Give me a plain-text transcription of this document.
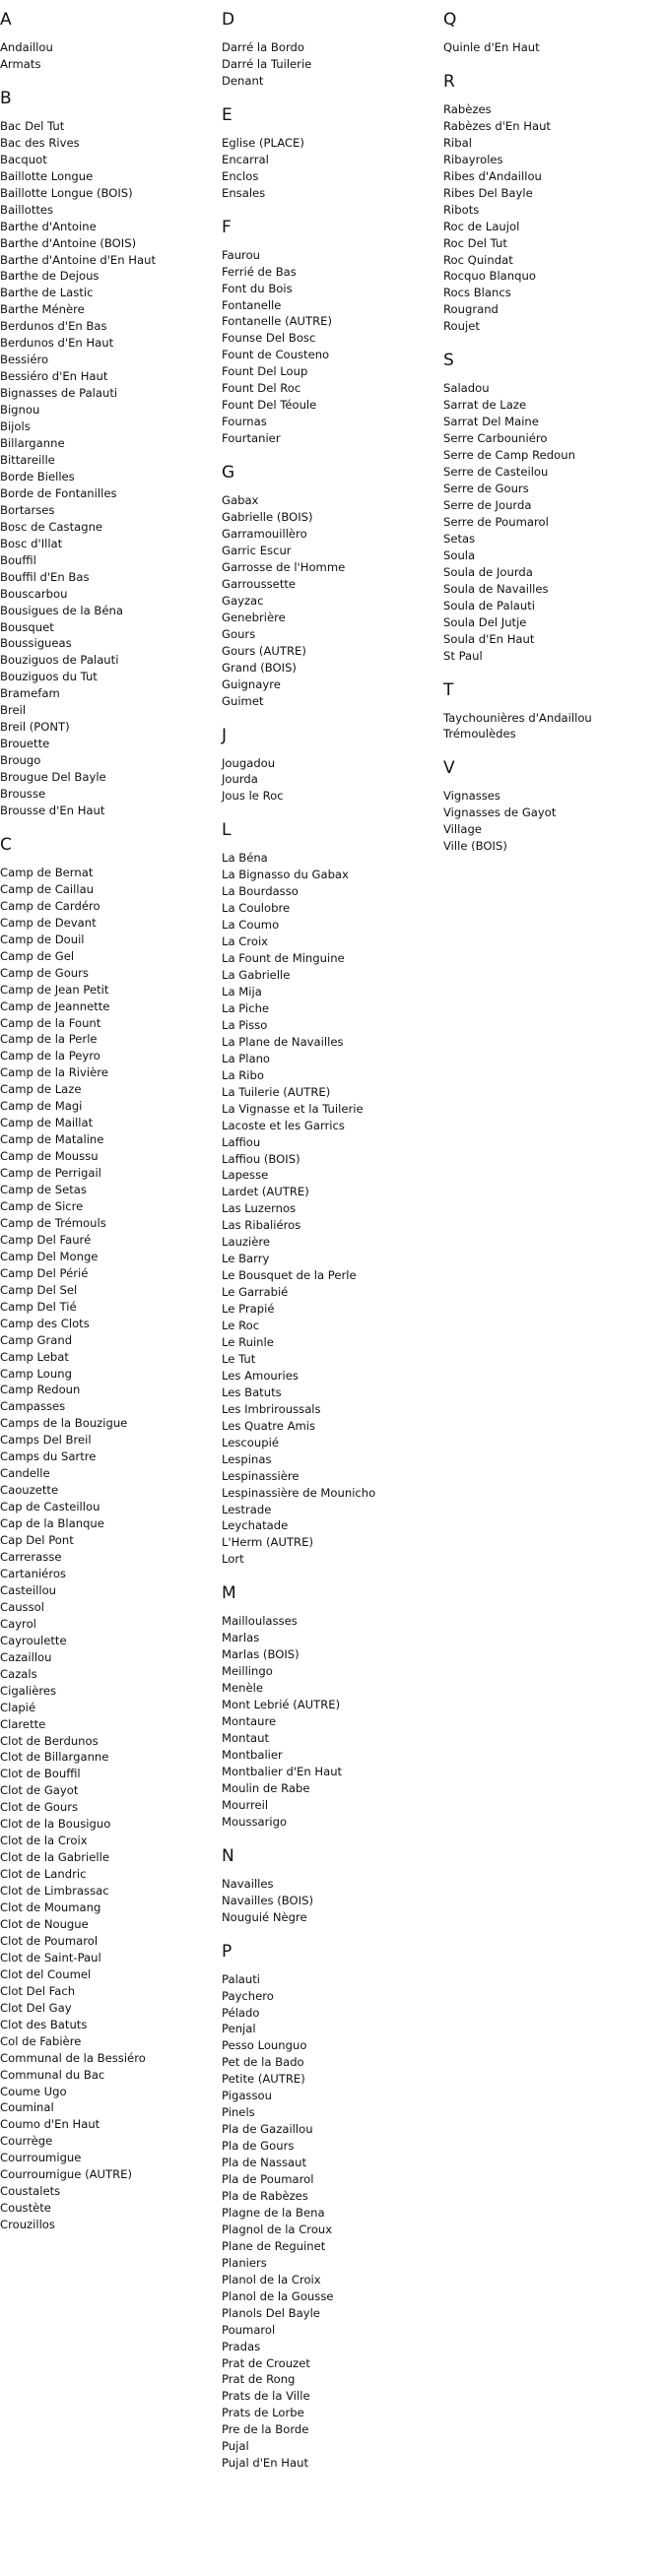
A
Andaillou
Armats
B
Bac Del Tut
Bac des Rives
Bacquot
Baillotte Longue
Baillotte Longue (BOIS)
Baillottes
Barthe d'Antoine
Barthe d'Antoine (BOIS)
Barthe d'Antoine d'En Haut
Barthe de Dejous
Barthe de Lastic
Barthe Ménère
Berdunos d'En Bas
Berdunos d'En Haut
Bessiéro
Bessiéro d'En Haut
Bignasses de Palauti
Bignou
Bijols
Billarganne
Bittareille
Borde Bielles
Borde de Fontanilles
Bortarses
Bosc de Castagne
Bosc d'Illat
Bouffil
Bouffil d'En Bas
Bouscarbou
Bousigues de la Béna
Bousquet
Boussigueas
Bouziguos de Palauti
Bouziguos du Tut
Bramefam
Breil
Breil (PONT)
Brouette
Brougo
Brougue Del Bayle
Brousse
Brousse d'En Haut
C
Camp de Bernat
Camp de Caillau
Camp de Cardéro
Camp de Devant
Camp de Douil
Camp de Gel
Camp de Gours
Camp de Jean Petit
Camp de Jeannette
Camp de la Fount
Camp de la Perle
Camp de la Peyro
Camp de la Rivière
Camp de Laze
Camp de Magi
Camp de Maillat
Camp de Mataline
Camp de Moussu
Camp de Perrigail
Camp de Setas
Camp de Sicre
Camp de Trémouls
Camp Del Fauré
Camp Del Monge
Camp Del Périé
Camp Del Sel
Camp Del Tié
Camp des Clots
Camp Grand
Camp Lebat
Camp Loung
Camp Redoun
Campasses
Camps de la Bouzigue
Camps Del Breil
Camps du Sartre
Candelle
Caouzette
Cap de Casteillou
Cap de la Blanque
Cap Del Pont
Carrerasse
Cartaniéros
Casteillou
Caussol
Cayrol
Cayroulette
Cazaillou
Cazals
Cigalières
Clapié
Clarette
Clot de Berdunos
Clot de Billarganne
Clot de Bouffil
Clot de Gayot
Clot de Gours
Clot de la Bousiguo
Clot de la Croix
Clot de la Gabrielle
Clot de Landric
Clot de Limbrassac
Clot de Moumang
Clot de Nougue
Clot de Poumarol
Clot de Saint-Paul
Clot del Coumel
Clot Del Fach
Clot Del Gay
Clot des Batuts
Col de Fabière
Communal de la Bessiéro
Communal du Bac
Coume Ugo
Couminal
Coumo d'En Haut
Courrège
Courroumigue
Courroumigue (AUTRE)
Coustalets
Coustète
Crouzillos
D
Darré la Bordo
Darré la Tuilerie
Denant
E
Eglise (PLACE)
Encarral
Enclos
Ensales
F
Faurou
Ferrié de Bas
Font du Bois
Fontanelle
Fontanelle (AUTRE)
Founse Del Bosc
Fount de Cousteno
Fount Del Loup
Fount Del Roc
Fount Del Téoule
Fournas
Fourtanier
G
Gabax
Gabrielle (BOIS)
Garramouillèro
Garric Escur
Garrosse de l'Homme
Garroussette
Gayzac
Genebrière
Gours
Gours (AUTRE)
Grand (BOIS)
Guignayre
Guimet
J
Jougadou
Jourda
Jous le Roc
L
La Béna
La Bignasso du Gabax
La Bourdasso
La Coulobre
La Coumo
La Croix
La Fount de Minguine
La Gabrielle
La Mija
La Piche
La Pisso
La Plane de Navailles
La Plano
La Ribo
La Tuilerie (AUTRE)
La Vignasse et la Tuilerie
Lacoste et les Garrics
Laffiou
Laffiou (BOIS)
Lapesse
Lardet (AUTRE)
Las Luzernos
Las Ribaliéros
Lauzière
Le Barry
Le Bousquet de la Perle
Le Garrabié
Le Prapié
Le Roc
Le Ruinle
Le Tut
Les Amouries
Les Batuts
Les Imbriroussals
Les Quatre Amis
Lescoupié
Lespinas
Lespinassière
Lespinassière de Mounicho
Lestrade
Leychatade
L'Herm (AUTRE)
Lort
M
Mailloulasses
Marlas
Marlas (BOIS)
Meillingo
Menèle
Mont Lebrié (AUTRE)
Montaure
Montaut
Montbalier
Montbalier d'En Haut
Moulin de Rabe
Mourreil
Moussarigo
N
Navailles
Navailles (BOIS)
Nouguié Nègre
P
Palauti
Paychero
Pélado
Penjal
Pesso Lounguo
Pet de la Bado
Petite (AUTRE)
Pigassou
Pinels
Pla de Gazaillou
Pla de Gours
Pla de Nassaut
Pla de Poumarol
Pla de Rabèzes
Plagne de la Bena
Plagnol de la Croux
Plane de Reguinet
Planiers
Planol de la Croix
Planol de la Gousse
Planols Del Bayle
Poumarol
Pradas
Prat de Crouzet
Prat de Rong
Prats de la Ville
Prats de Lorbe
Pre de la Borde
Pujal
Pujal d'En Haut
Q
Quinle d'En Haut
R
Rabèzes
Rabèzes d'En Haut
Ribal
Ribayroles
Ribes d'Andaillou
Ribes Del Bayle
Ribots
Roc de Laujol
Roc Del Tut
Roc Quindat
Rocquo Blanquo
Rocs Blancs
Rougrand
Roujet
S
Saladou
Sarrat de Laze
Sarrat Del Maine
Serre Carbouniéro
Serre de Camp Redoun
Serre de Casteilou
Serre de Gours
Serre de Jourda
Serre de Poumarol
Setas
Soula
Soula de Jourda
Soula de Navailles
Soula de Palauti
Soula Del Jutje
Soula d'En Haut
St Paul
T
Taychounières d'Andaillou
Trémoulèdes
V
Vignasses
Vignasses de Gayot
Village
Ville (BOIS)
